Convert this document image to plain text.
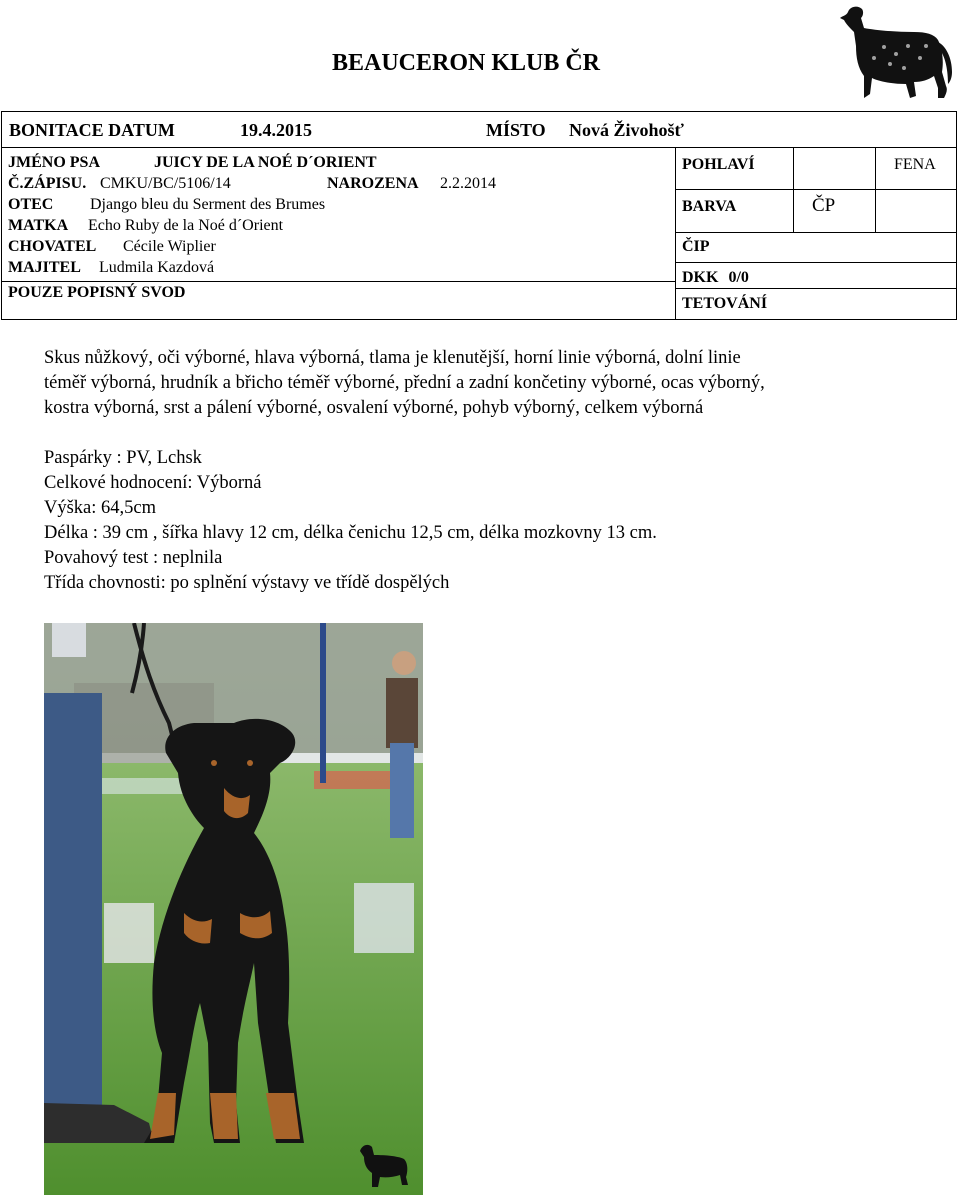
BEAUCERON KLUB ČR
BONITACE DATUM	19.4.2015	MÍSTO Nová Živohošť
JMÉNO PSA	JUICY DE LA NOÉ D´ORIENT
Č.ZÁPISU. CMKU/BC/5106/14	NAROZENA 2.2.2014
OTEC Django bleu du Serment des Brumes
MATKA Echo Ruby de la Noé d´Orient
CHOVATEL Cécile Wiplier
MAJITEL Ludmila Kazdová
POUZE POPISNÝ SVOD
POHLAVÍ	FENA
BARVA	ČP
ČIP
DKK 0/0
TETOVÁNÍ

Skus nůžkový, oči výborné, hlava výborná, tlama je klenutější, horní linie výborná, dolní linie

téměř výborná, hrudník a břicho téměř výborné, přední a zadní končetiny výborné, ocas výborný,

kostra výborná, srst a pálení výborné, osvalení výborné, pohyb výborný, celkem výborná

Paspárky : PV, Lchsk

Celkové hodnocení: Výborná

Výška: 64,5cm

Délka : 39 cm , šířka hlavy 12 cm, délka čenichu 12,5 cm, délka mozkovny 13 cm.

Povahový test : neplnila

Třída chovnosti: po splnění výstavy ve třídě dospělých
